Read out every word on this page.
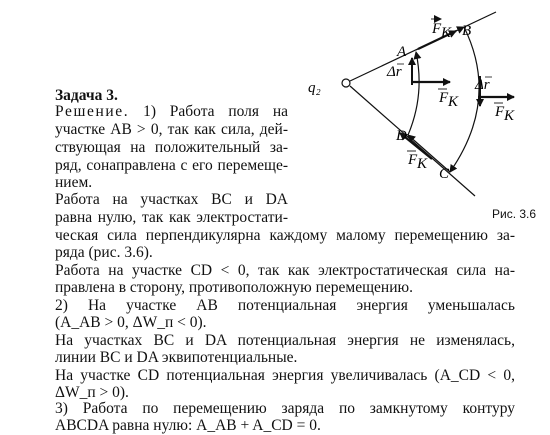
q₂
A
B
C
D
F К
Δr
F К
Δr
F К
F К
Рис. 3.6
Задача 3.
Решение. 1) Работа поля на
участке AB > 0, так как сила, дей-
ствующая на положительный за-
ряд, сонаправлена с его перемеще-
нием.
Работа на участках BC и DA
равна нулю, так как электростати-
ческая сила перпендикулярна каждому малому перемещению за-
ряда (рис. 3.6).
Работа на участке CD < 0, так как электростатическая сила на-
правлена в сторону, противоположную перемещению.
2) На участке AB потенциальная энергия уменьшалась
(A_AB > 0, ΔW_п < 0).
На участках BC и DA потенциальная энергия не изменялась,
линии BC и DA эквипотенциальные.
На участке CD потенциальная энергия увеличивалась (A_CD < 0,
ΔW_п > 0).
3) Работа по перемещению заряда по замкнутому контуру
ABCDA равна нулю: A_AB + A_CD = 0.
